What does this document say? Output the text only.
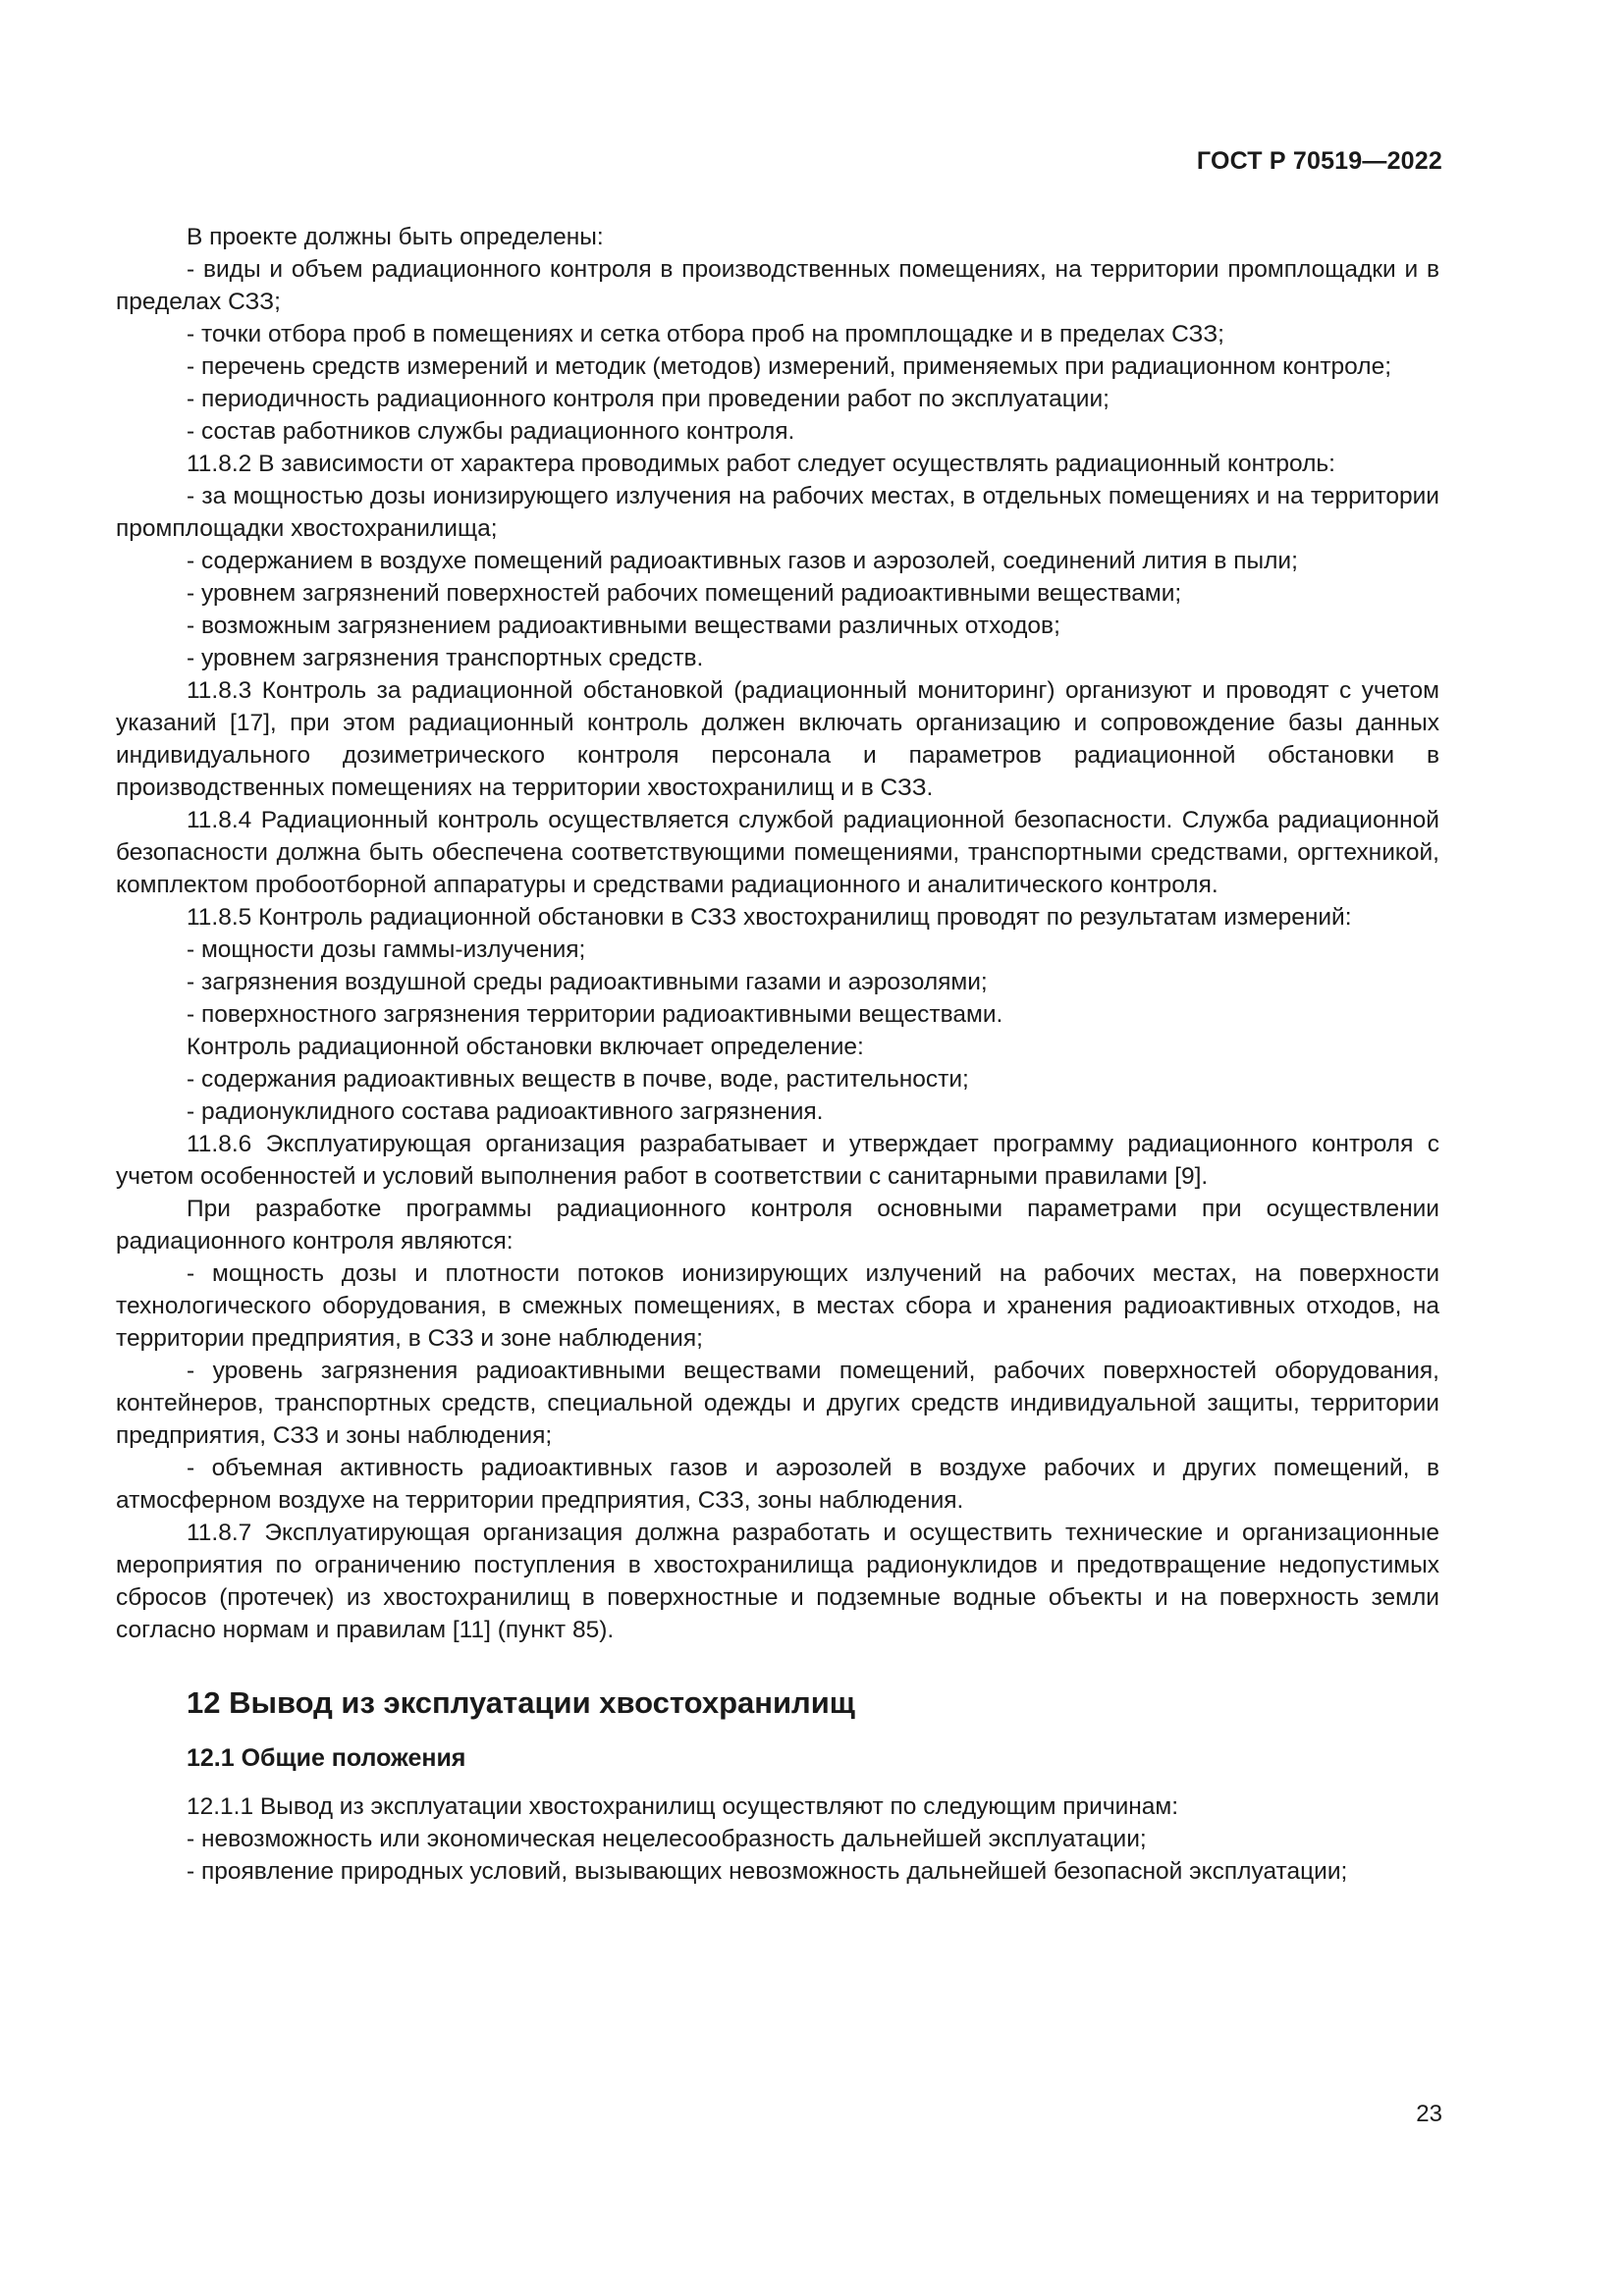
ГОСТ Р 70519—2022

В проекте должны быть определены:

- виды и объем радиационного контроля в производственных помещениях, на территории промплощадки и в пределах СЗЗ;

- точки отбора проб в помещениях и сетка отбора проб на промплощадке и в пределах СЗЗ;

- перечень средств измерений и методик (методов) измерений, применяемых при радиационном контроле;

- периодичность радиационного контроля при проведении работ по эксплуатации;

- состав работников службы радиационного контроля.

11.8.2 В зависимости от характера проводимых работ следует осуществлять радиационный контроль:

- за мощностью дозы ионизирующего излучения на рабочих местах, в отдельных помещениях и на территории промплощадки хвостохранилища;

- содержанием в воздухе помещений радиоактивных газов и аэрозолей, соединений лития в пыли;

- уровнем загрязнений поверхностей рабочих помещений радиоактивными веществами;

- возможным загрязнением радиоактивными веществами различных отходов;

- уровнем загрязнения транспортных средств.

11.8.3 Контроль за радиационной обстановкой (радиационный мониторинг) организуют и проводят с учетом указаний [17], при этом радиационный контроль должен включать организацию и сопровождение базы данных индивидуального дозиметрического контроля персонала и параметров радиационной обстановки в производственных помещениях на территории хвостохранилищ и в СЗЗ.

11.8.4 Радиационный контроль осуществляется службой радиационной безопасности. Служба радиационной безопасности должна быть обеспечена соответствующими помещениями, транспортными средствами, оргтехникой, комплектом пробоотборной аппаратуры и средствами радиационного и аналитического контроля.

11.8.5 Контроль радиационной обстановки в СЗЗ хвостохранилищ проводят по результатам измерений:

- мощности дозы гаммы-излучения;

- загрязнения воздушной среды радиоактивными газами и аэрозолями;

- поверхностного загрязнения территории радиоактивными веществами.

Контроль радиационной обстановки включает определение:

- содержания радиоактивных веществ в почве, воде, растительности;

- радионуклидного состава радиоактивного загрязнения.

11.8.6 Эксплуатирующая организация разрабатывает и утверждает программу радиационного контроля с учетом особенностей и условий выполнения работ в соответствии с санитарными правилами [9].

При разработке программы радиационного контроля основными параметрами при осуществлении радиационного контроля являются:

- мощность дозы и плотности потоков ионизирующих излучений на рабочих местах, на поверхности технологического оборудования, в смежных помещениях, в местах сбора и хранения радиоактивных отходов, на территории предприятия, в СЗЗ и зоне наблюдения;

- уровень загрязнения радиоактивными веществами помещений, рабочих поверхностей оборудования, контейнеров, транспортных средств, специальной одежды и других средств индивидуальной защиты, территории предприятия, СЗЗ и зоны наблюдения;

- объемная активность радиоактивных газов и аэрозолей в воздухе рабочих и других помещений, в атмосферном воздухе на территории предприятия, СЗЗ, зоны наблюдения.

11.8.7 Эксплуатирующая организация должна разработать и осуществить технические и организационные мероприятия по ограничению поступления в хвостохранилища радионуклидов и предотвращение недопустимых сбросов (протечек) из хвостохранилищ в поверхностные и подземные водные объекты и на поверхность земли согласно нормам и правилам [11] (пункт 85).

12 Вывод из эксплуатации хвостохранилищ
12.1 Общие положения

12.1.1 Вывод из эксплуатации хвостохранилищ осуществляют по следующим причинам:

- невозможность или экономическая нецелесообразность дальнейшей эксплуатации;

- проявление природных условий, вызывающих невозможность дальнейшей безопасной эксплуатации;

23
